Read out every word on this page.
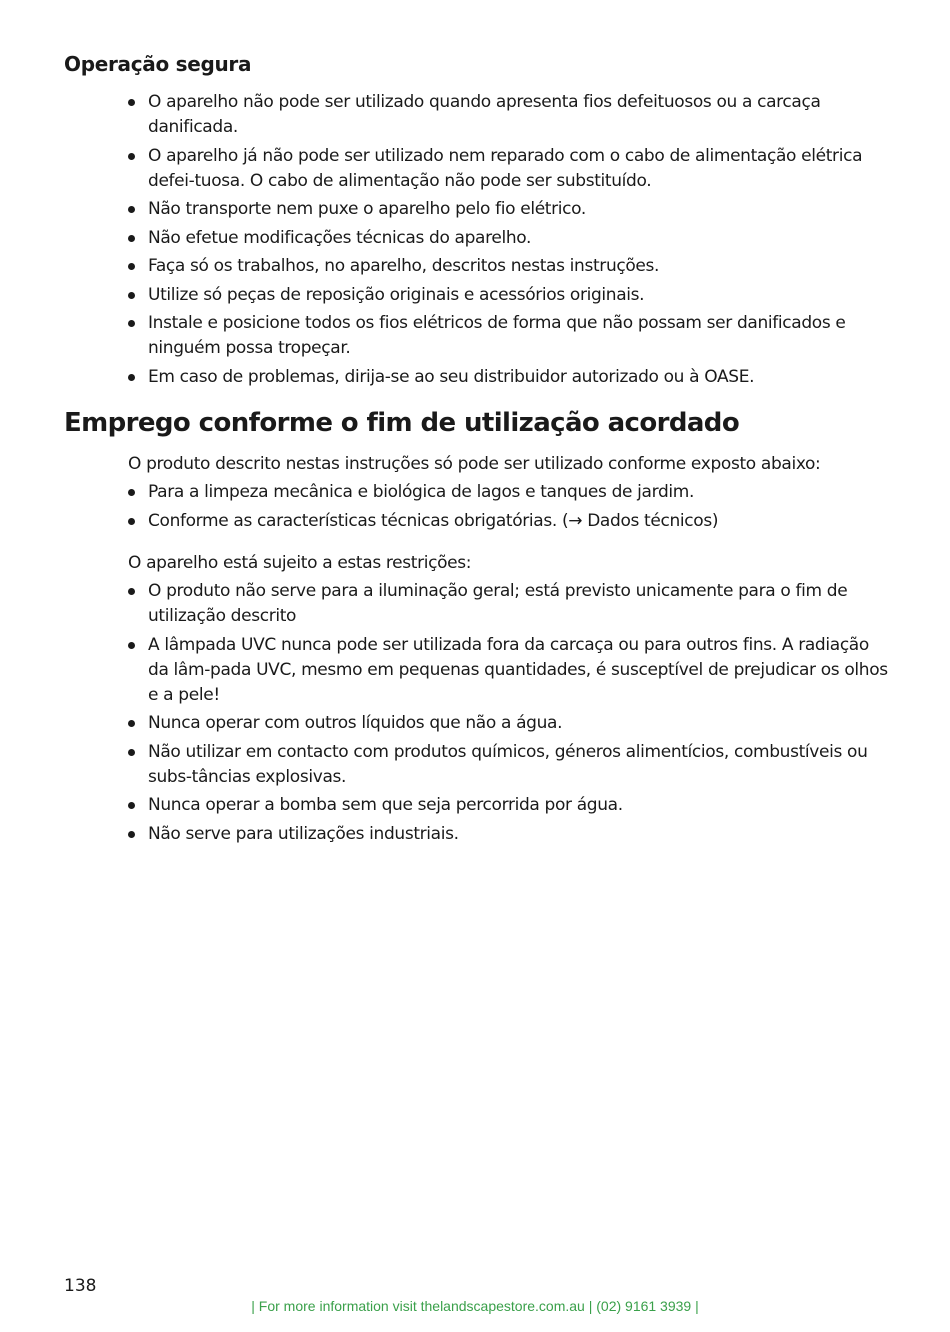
Operação segura
O aparelho não pode ser utilizado quando apresenta fios defeituosos ou a carcaça danificada.
O aparelho já não pode ser utilizado nem reparado com o cabo de alimentação elétrica defei-tuosa. O cabo de alimentação não pode ser substituído.
Não transporte nem puxe o aparelho pelo fio elétrico.
Não efetue modificações técnicas do aparelho.
Faça só os trabalhos, no aparelho, descritos nestas instruções.
Utilize só peças de reposição originais e acessórios originais.
Instale e posicione todos os fios elétricos de forma que não possam ser danificados e ninguém possa tropeçar.
Em caso de problemas, dirija-se ao seu distribuidor autorizado ou à OASE.
Emprego conforme o fim de utilização acordado

O produto descrito nestas instruções só pode ser utilizado conforme exposto abaixo:

Para a limpeza mecânica e biológica de lagos e tanques de jardim.
Conforme as características técnicas obrigatórias. (→ Dados técnicos)

O aparelho está sujeito a estas restrições:

O produto não serve para a iluminação geral; está previsto unicamente para o fim de utilização descrito
A lâmpada UVC nunca pode ser utilizada fora da carcaça ou para outros fins. A radiação da lâm-pada UVC, mesmo em pequenas quantidades, é susceptível de prejudicar os olhos e a pele!
Nunca operar com outros líquidos que não a água.
Não utilizar em contacto com produtos químicos, géneros alimentícios, combustíveis ou subs-tâncias explosivas.
Nunca operar a bomba sem que seja percorrida por água.
Não serve para utilizações industriais.
138
| For more information visit thelandscapestore.com.au | (02) 9161 3939 |
